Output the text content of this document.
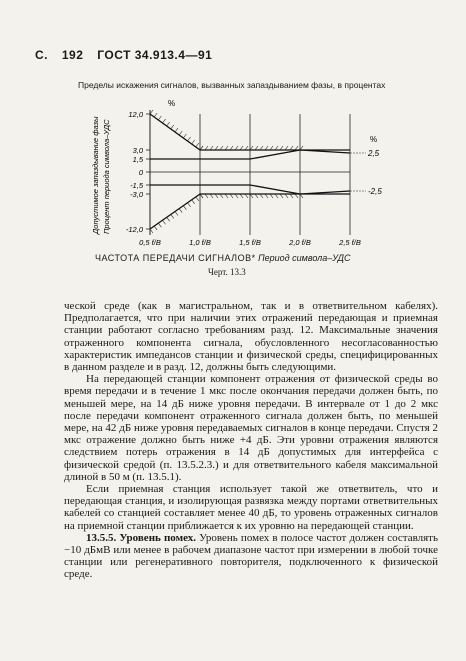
С. 192 ГОСТ 34.913.4—91
Пределы искажения сигналов, вызванных запаздыванием фазы, в процентах
Допустимое запаздывание фазы Процент периода символа–УДС
%
12,0
3,0
1,5
0
-1,5
-3,0
-12,0
0,5 f/B	1,0 f/B	1,5 f/B	2,0 f/B	2,5 f/B
%
2,5
-2,5
ЧАСТОТА ПЕРЕДАЧИ СИГНАЛОВ* Период символа–УДС
Черт. 13.3

ческой среде (как в магистральном, так и в ответвительном кабелях). Предполагается, что при наличии этих отражений передающая и приемная станции работают согласно требованиям разд. 12. Максимальные значения отраженного компонента сигнала, обусловленного несогласованностью характеристик импедансов станции и физической среды, специфицированных в данном разделе и в разд. 12, должны быть следующими.

На передающей станции компонент отражения от физической среды во время передачи и в течение 1 мкс после окончания передачи должен быть, по меньшей мере, на 14 дБ ниже уровня передачи. В интервале от 1 до 2 мкс после передачи компонент отраженного сигнала должен быть, по меньшей мере, на 42 дБ ниже уровня передаваемых сигналов в конце передачи. Спустя 2 мкс отражение должно быть ниже +4 дБ. Эти уровни отражения являются следствием потерь отражения в 14 дБ допустимых для интерфейса с физической средой (п. 13.5.2.3.) и для ответвительного кабеля максимальной длиной в 50 м (п. 13.5.1).

Если приемная станция использует такой же ответвитель, что и передающая станция, и изолирующая развязка между портами ответвительных кабелей со станцией составляет менее 40 дБ, то уровень отраженных сигналов на приемной станции приближается к их уровню на передающей станции.

13.5.5. Уровень помех. Уровень помех в полосе частот должен составлять −10 дБмВ или менее в рабочем диапазоне частот при измерении в любой точке станции или регенеративного повторителя, подключенного к физической среде.
